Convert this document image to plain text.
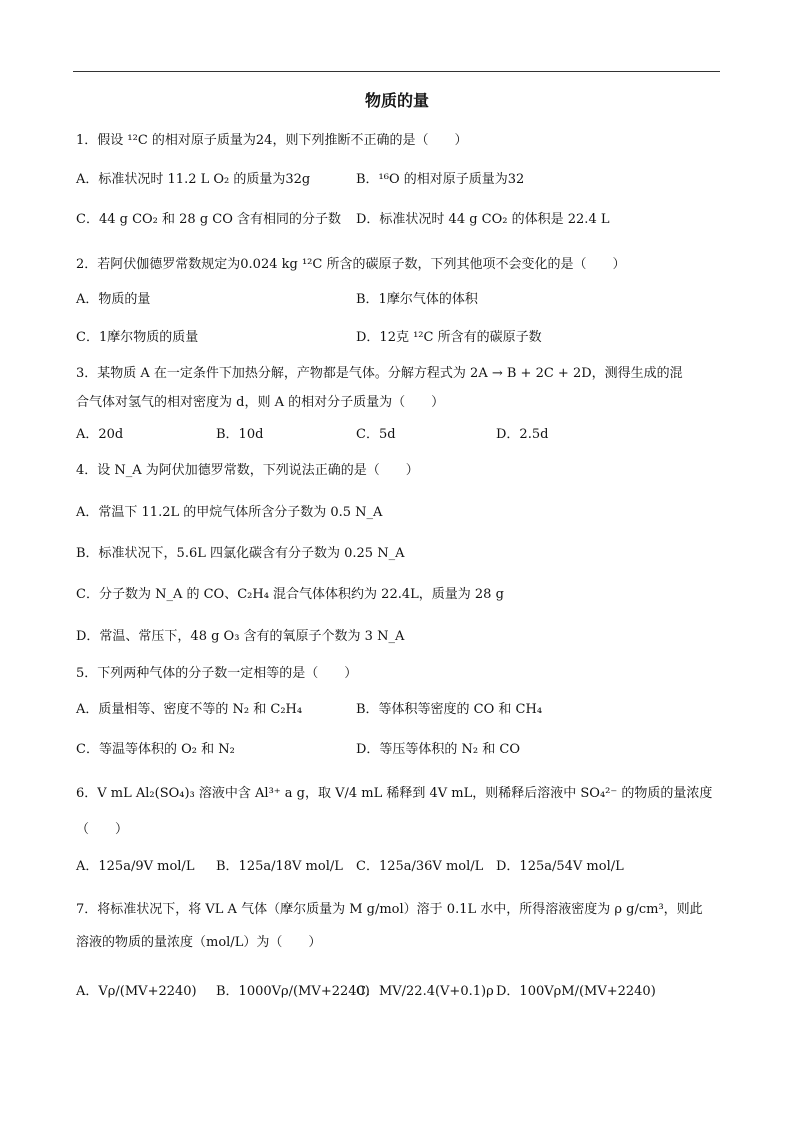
物质的量
1．假设 ¹²C 的相对原子质量为24，则下列推断不正确的是（　　）
A．标准状况时 11.2 L O₂ 的质量为32g	B．¹⁶O 的相对原子质量为32
C．44 g CO₂ 和 28 g CO 含有相同的分子数 D．标准状况时 44 g CO₂ 的体积是 22.4 L
2．若阿伏伽德罗常数规定为0.024 kg ¹²C 所含的碳原子数，下列其他项不会变化的是（　　）
A．物质的量	B．1摩尔气体的体积
C．1摩尔物质的质量	D．12克 ¹²C 所含有的碳原子数
3．某物质 A 在一定条件下加热分解，产物都是气体。分解方程式为 2A → B + 2C + 2D，测得生成的混
合气体对氢气的相对密度为 d，则 A 的相对分子质量为（　　）
A．20d	B．10d	C．5d	D．2.5d
4．设 N_A 为阿伏加德罗常数，下列说法正确的是（　　）
A．常温下 11.2L 的甲烷气体所含分子数为 0.5 N_A
B．标准状况下，5.6L 四氯化碳含有分子数为 0.25 N_A
C．分子数为 N_A 的 CO、C₂H₄ 混合气体体积约为 22.4L，质量为 28 g
D．常温、常压下，48 g O₃ 含有的氧原子个数为 3 N_A
5．下列两种气体的分子数一定相等的是（　　）
A．质量相等、密度不等的 N₂ 和 C₂H₄	B．等体积等密度的 CO 和 CH₄
C．等温等体积的 O₂ 和 N₂	D．等压等体积的 N₂ 和 CO
6．V mL Al₂(SO₄)₃ 溶液中含 Al³⁺ a g，取 V/4 mL 稀释到 4V mL，则稀释后溶液中 SO₄²⁻ 的物质的量浓度
（　　）
A．125a/9V mol/L B．125a/18V mol/L C．125a/36V mol/L D．125a/54V mol/L
7．将标准状况下，将 VL A 气体（摩尔质量为 M g/mol）溶于 0.1L 水中，所得溶液密度为 ρ g/cm³，则此
溶液的物质的量浓度（mol/L）为（　　）
A．Vρ/(MV+2240) B．1000Vρ/(MV+2240)
C．MV/22.4(V+0.1)ρ D．100VρM/(MV+2240)
